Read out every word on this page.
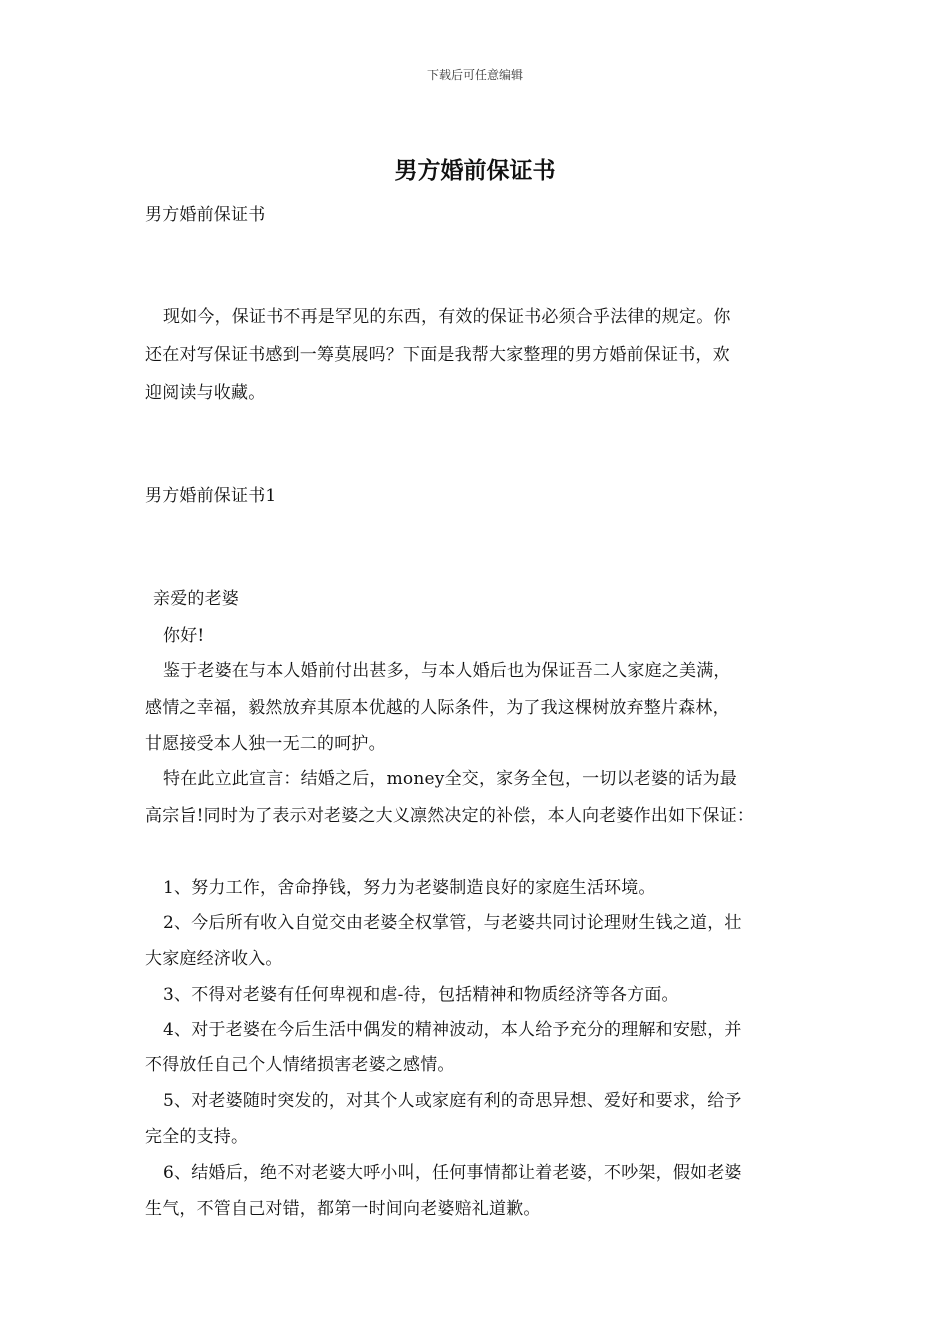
下载后可任意编辑
男方婚前保证书
男方婚前保证书
现如今，保证书不再是罕见的东西，有效的保证书必须合乎法律的规定。你
还在对写保证书感到一筹莫展吗？下面是我帮大家整理的男方婚前保证书，欢
迎阅读与收藏。
男方婚前保证书1
亲爱的老婆
你好!
鉴于老婆在与本人婚前付出甚多，与本人婚后也为保证吾二人家庭之美满，
感情之幸福，毅然放弃其原本优越的人际条件，为了我这棵树放弃整片森林，
甘愿接受本人独一无二的呵护。
特在此立此宣言：结婚之后，money全交，家务全包，一切以老婆的话为最
高宗旨!同时为了表示对老婆之大义凛然决定的补偿，本人向老婆作出如下保证：
1、努力工作，舍命挣钱，努力为老婆制造良好的家庭生活环境。
2、今后所有收入自觉交由老婆全权掌管，与老婆共同讨论理财生钱之道，壮
大家庭经济收入。
3、不得对老婆有任何卑视和虐-待，包括精神和物质经济等各方面。
4、对于老婆在今后生活中偶发的精神波动，本人给予充分的理解和安慰，并
不得放任自己个人情绪损害老婆之感情。
5、对老婆随时突发的，对其个人或家庭有利的奇思异想、爱好和要求，给予
完全的支持。
6、结婚后，绝不对老婆大呼小叫，任何事情都让着老婆，不吵架，假如老婆
生气，不管自己对错，都第一时间向老婆赔礼道歉。
